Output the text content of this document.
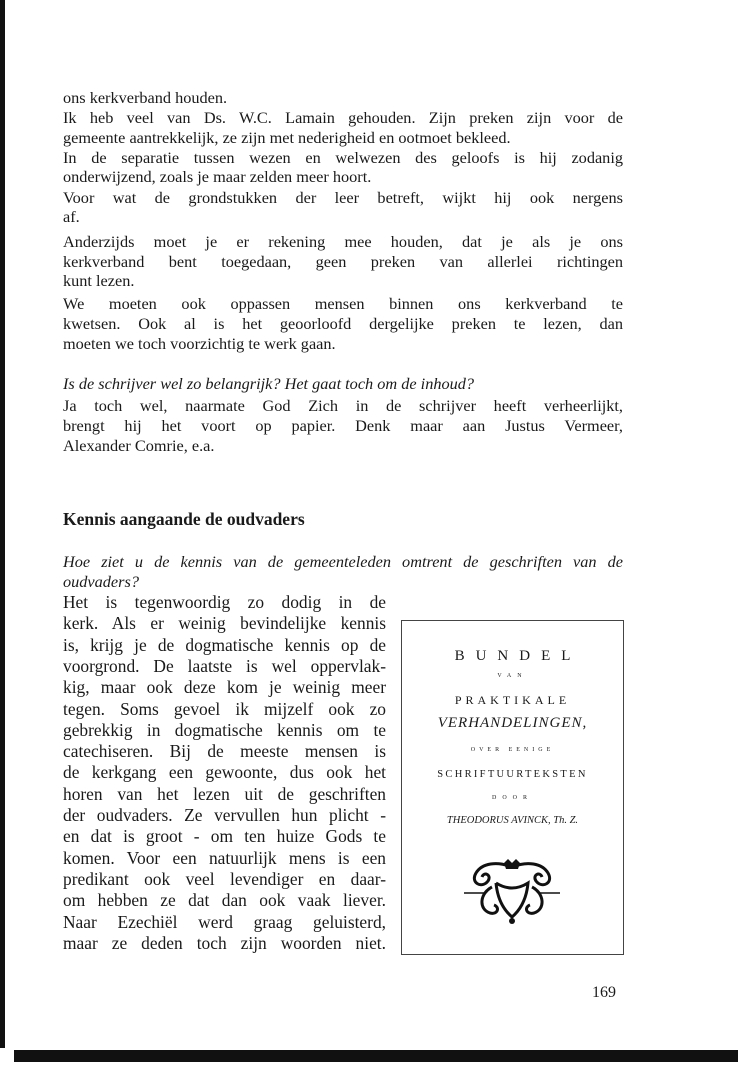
ons kerkverband houden.
Ik heb veel van Ds. W.C. Lamain gehouden. Zijn preken zijn voor de
gemeente aantrekkelijk, ze zijn met nederigheid en ootmoet bekleed.
In de separatie tussen wezen en welwezen des geloofs is hij zodanig
onderwijzend, zoals je maar zelden meer hoort.
Voor wat de grondstukken der leer betreft, wijkt hij ook nergens
af.
Anderzijds moet je er rekening mee houden, dat je als je ons
kerkverband bent toegedaan, geen preken van allerlei richtingen
kunt lezen.
We moeten ook oppassen mensen binnen ons kerkverband te
kwetsen. Ook al is het geoorloofd dergelijke preken te lezen, dan
moeten we toch voorzichtig te werk gaan.
Is de schrijver wel zo belangrijk? Het gaat toch om de inhoud?
Ja toch wel, naarmate God Zich in de schrijver heeft verheerlijkt,
brengt hij het voort op papier. Denk maar aan Justus Vermeer,
Alexander Comrie, e.a.
Kennis aangaande de oudvaders
Hoe ziet u de kennis van de gemeenteleden omtrent de geschriften van de
oudvaders?
Het is tegenwoordig zo dodig in de
kerk. Als er weinig bevindelijke kennis
is, krijg je de dogmatische kennis op de
voorgrond. De laatste is wel oppervlak-
kig, maar ook deze kom je weinig meer
tegen. Soms gevoel ik mijzelf ook zo
gebrekkig in dogmatische kennis om te
catechiseren. Bij de meeste mensen is
de kerkgang een gewoonte, dus ook het
horen van het lezen uit de geschriften
der oudvaders. Ze vervullen hun plicht -
en dat is groot - om ten huize Gods te
komen. Voor een natuurlijk mens is een
predikant ook veel levendiger en daar-
om hebben ze dat dan ook vaak liever.
Naar Ezechiël werd graag geluisterd,
maar ze deden toch zijn woorden niet.
BUNDEL
VAN
PRAKTIKALE
VERHANDELINGEN,
OVER EENIGE
SCHRIFTUURTEKSTEN
DOOR
THEODORUS AVINCK, Th. Z.
169
